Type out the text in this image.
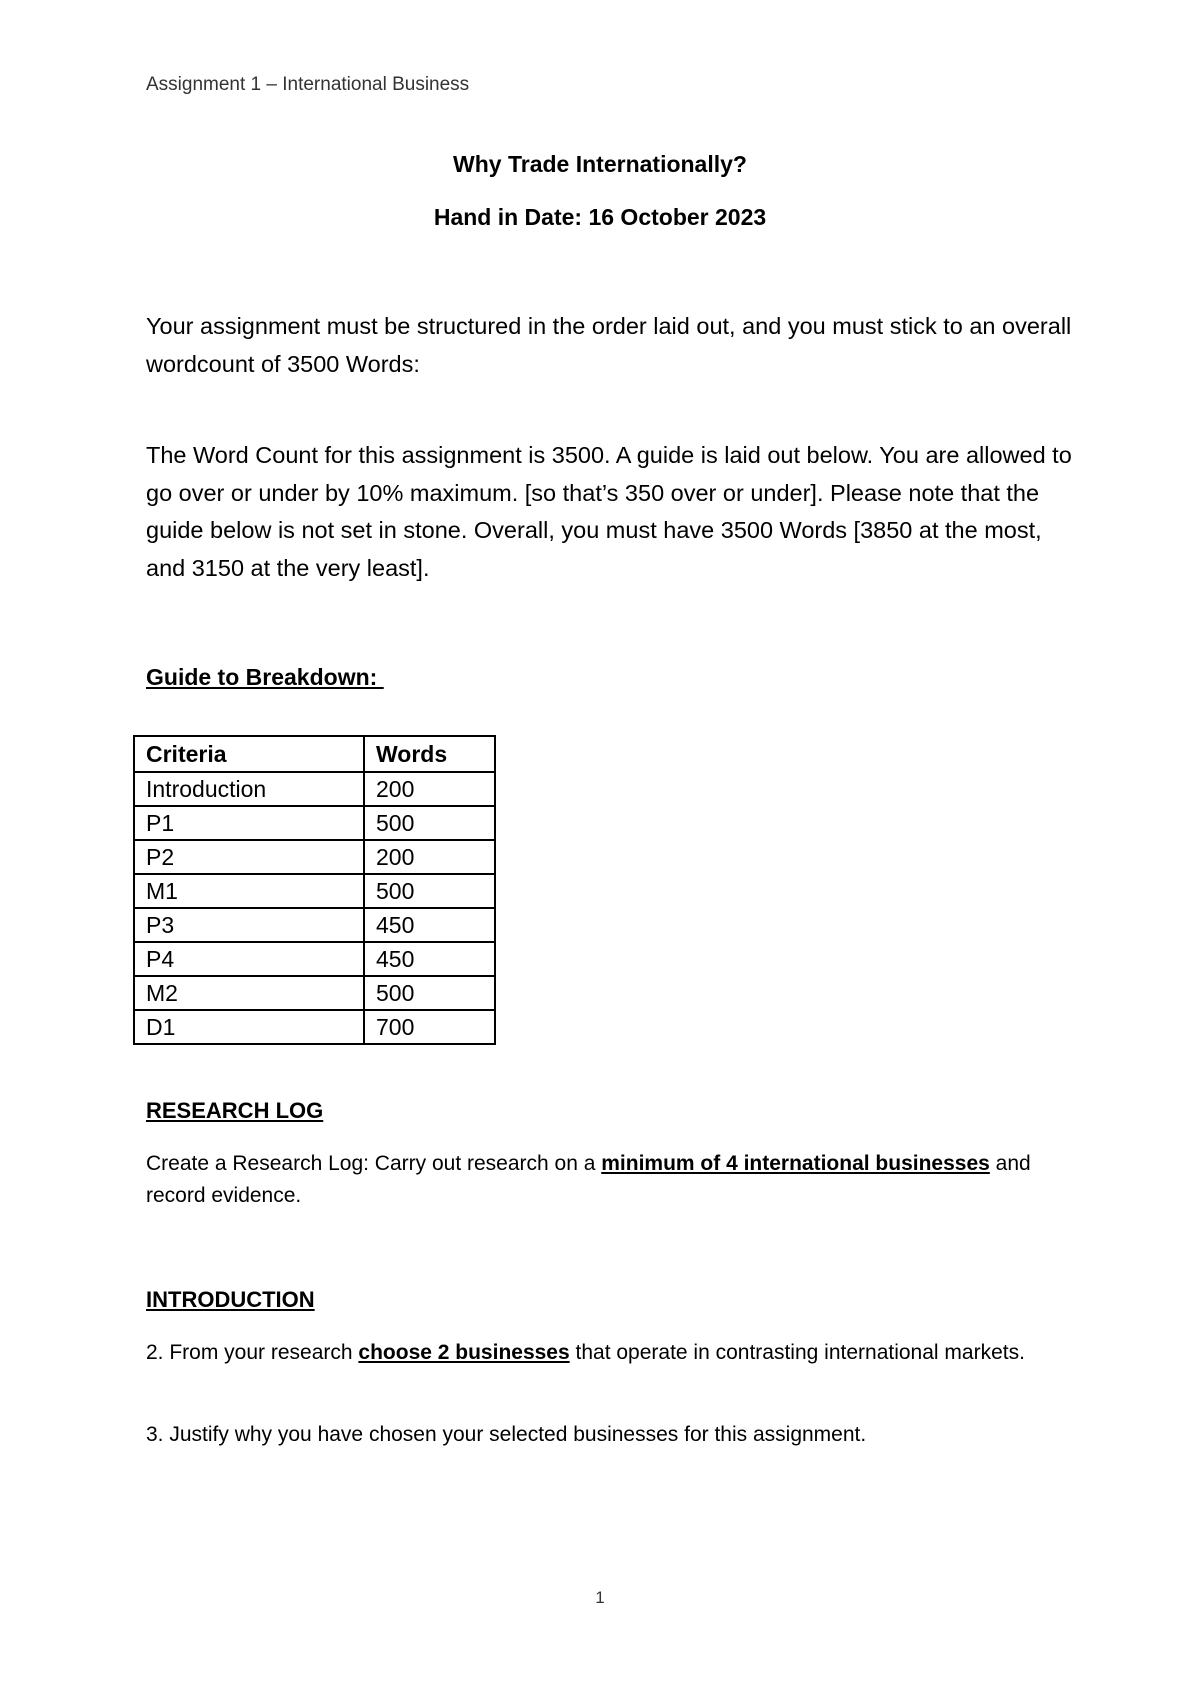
Assignment 1 – International Business
Why Trade Internationally?
Hand in Date: 16 October 2023
Your assignment must be structured in the order laid out, and you must stick to an overall wordcount of 3500 Words:
The Word Count for this assignment is 3500. A guide is laid out below. You are allowed to go over or under by 10% maximum. [so that’s 350 over or under]. Please note that the guide below is not set in stone. Overall, you must have 3500 Words [3850 at the most, and 3150 at the very least].
Guide to Breakdown:
Criteria	Words
Introduction	200
P1	500
P2	200
M1	500
P3	450
P4	450
M2	500
D1	700
RESEARCH LOG
Create a Research Log: Carry out research on a minimum of 4 international businesses and record evidence.
INTRODUCTION
2. From your research choose 2 businesses that operate in contrasting international markets.
3. Justify why you have chosen your selected businesses for this assignment.
1
